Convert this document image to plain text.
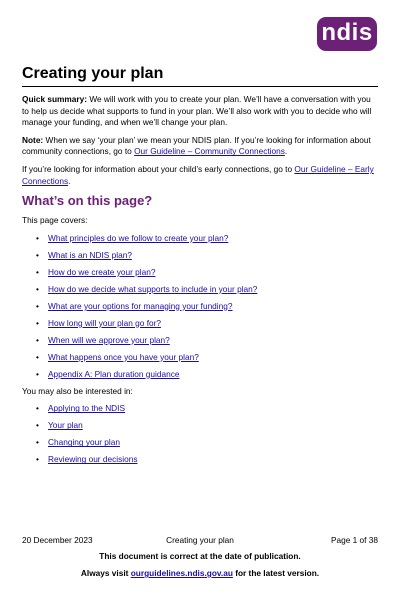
ndis
Creating your plan

Quick summary: We will work with you to create your plan. We’ll have a conversation with you to help us decide what supports to fund in your plan. We’ll also work with you to decide who will manage your funding, and when we’ll change your plan.

Note: When we say ‘your plan’ we mean your NDIS plan. If you’re looking for information about community connections, go to Our Guideline – Community Connections.

If you’re looking for information about your child’s early connections, go to Our Guideline – Early Connections.

What’s on this page?

This page covers:

• What principles do we follow to create your plan?
• What is an NDIS plan?
• How do we create your plan?
• How do we decide what supports to include in your plan?
• What are your options for managing your funding?
• How long will your plan go for?
• When will we approve your plan?
• What happens once you have your plan?
• Appendix A: Plan duration guidance

You may also be interested in:

• Applying to the NDIS
• Your plan
• Changing your plan
• Reviewing our decisions
20 December 2023	Creating your plan	Page 1 of 38
This document is correct at the date of publication.
Always visit ourguidelines.ndis.gov.au for the latest version.
